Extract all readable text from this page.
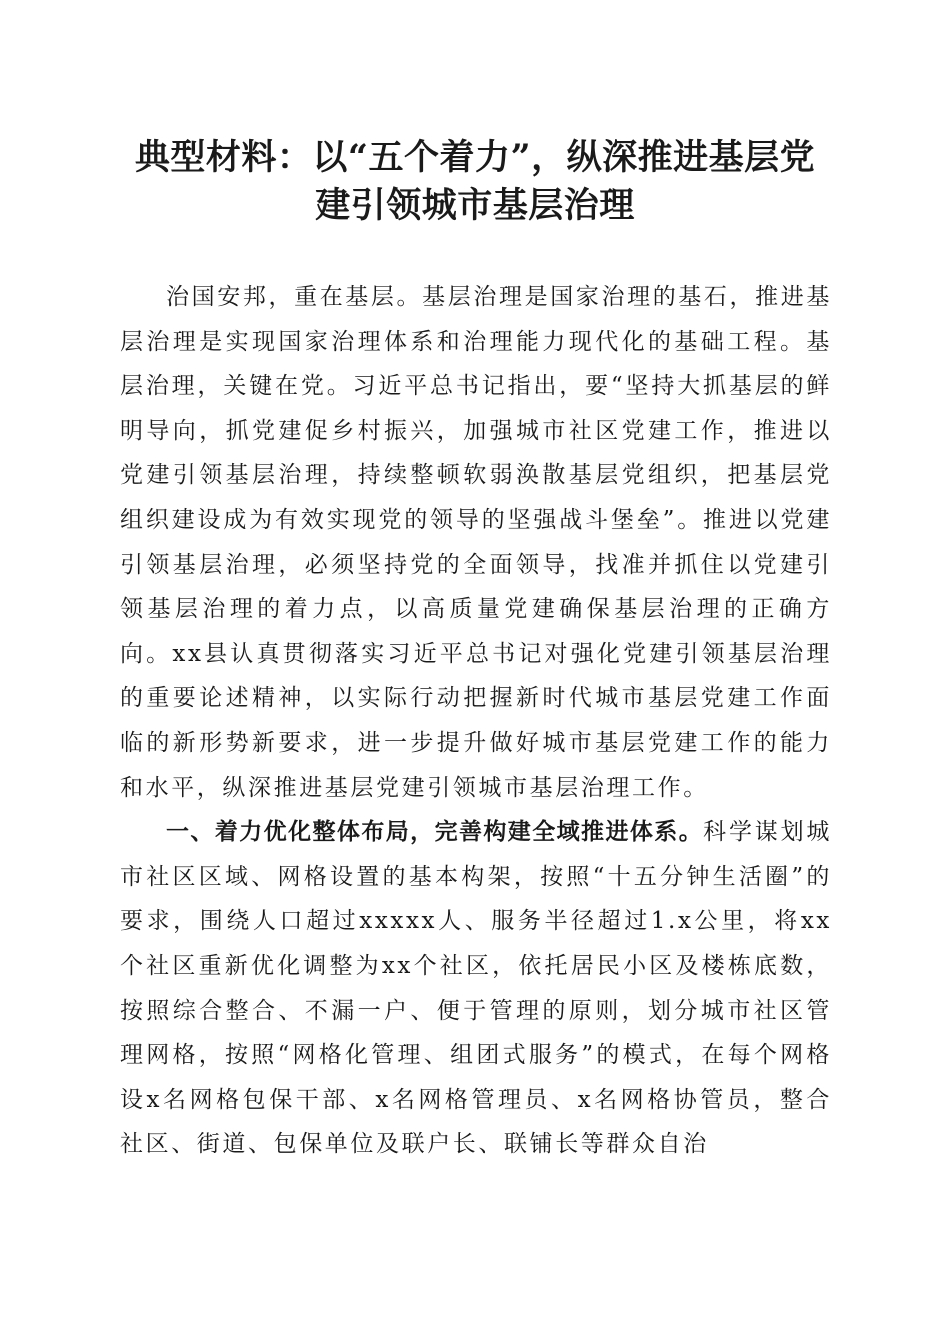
典型材料：以“五个着力”，纵深推进基层党
建引领城市基层治理

治国安邦，重在基层。基层治理是国家治理的基石，推进基层治理是实现国家治理体系和治理能力现代化的基础工程。基层治理，关键在党。习近平总书记指出，要“坚持大抓基层的鲜明导向，抓党建促乡村振兴，加强城市社区党建工作，推进以党建引领基层治理，持续整顿软弱涣散基层党组织，把基层党组织建设成为有效实现党的领导的坚强战斗堡垒”。推进以党建引领基层治理，必须坚持党的全面领导，找准并抓住以党建引领基层治理的着力点，以高质量党建确保基层治理的正确方向。xx县认真贯彻落实习近平总书记对强化党建引领基层治理的重要论述精神，以实际行动把握新时代城市基层党建工作面临的新形势新要求，进一步提升做好城市基层党建工作的能力和水平，纵深推进基层党建引领城市基层治理工作。

一、着力优化整体布局，完善构建全域推进体系。科学谋划城市社区区域、网格设置的基本构架，按照“十五分钟生活圈”的要求，围绕人口超过xxxxx人、服务半径超过1.x公里，将xx个社区重新优化调整为xx个社区，依托居民小区及楼栋底数，按照综合整合、不漏一户、便于管理的原则，划分城市社区管理网格，按照“网格化管理、组团式服务”的模式，在每个网格设x名网格包保干部、x名网格管理员、x名网格协管员，整合社区、街道、包保单位及联户长、联铺长等群众自治
